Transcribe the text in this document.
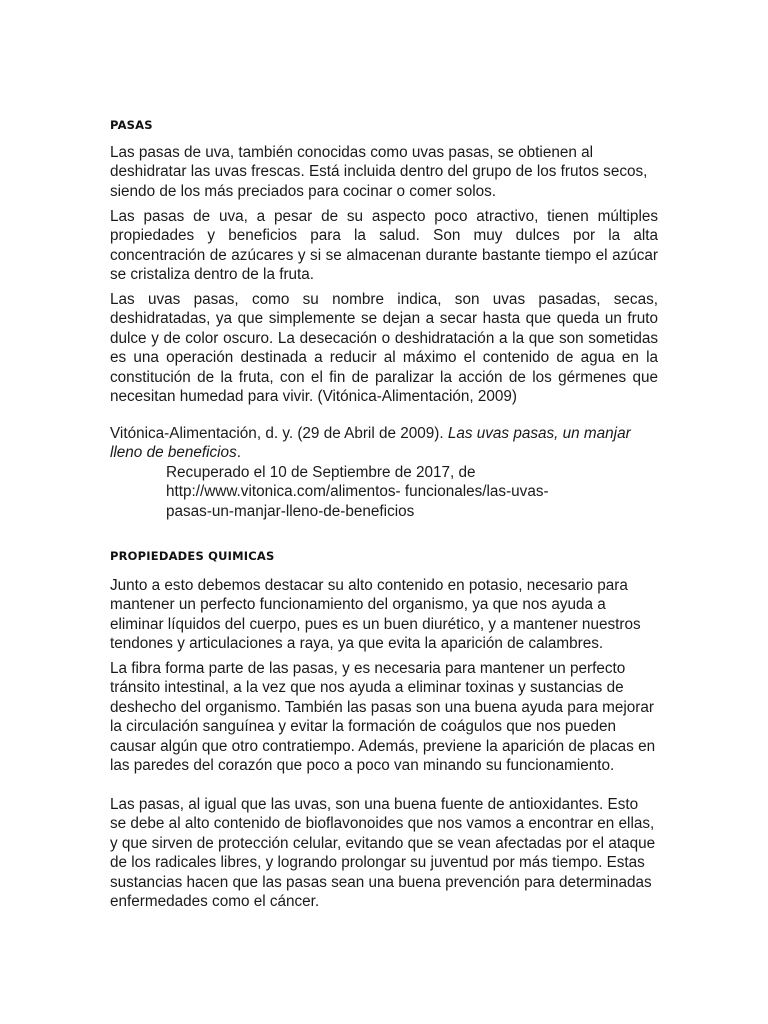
PASAS

Las pasas de uva, también conocidas como uvas pasas, se obtienen al deshidratar las uvas frescas. Está incluida dentro del grupo de los frutos secos, siendo de los más preciados para cocinar o comer solos.

Las pasas de uva, a pesar de su aspecto poco atractivo, tienen múltiples propiedades y beneficios para la salud. Son muy dulces por la alta concentración de azúcares y si se almacenan durante bastante tiempo el azúcar se cristaliza dentro de la fruta.

Las uvas pasas, como su nombre indica, son uvas pasadas, secas, deshidratadas, ya que simplemente se dejan a secar hasta que queda un fruto dulce y de color oscuro. La desecación o deshidratación a la que son sometidas es una operación destinada a reducir al máximo el contenido de agua en la constitución de la fruta, con el fin de paralizar la acción de los gérmenes que necesitan humedad para vivir. (Vitónica-Alimentación, 2009)

Vitónica-Alimentación, d. y. (29 de Abril de 2009). Las uvas pasas, un manjar lleno de beneficios.

Recuperado el 10 de Septiembre de 2017, de
http://www.vitonica.com/alimentos- funcionales/las-uvas-
pasas-un-manjar-lleno-de-beneficios
PROPIEDADES QUIMICAS

Junto a esto debemos destacar su alto contenido en potasio, necesario para mantener un perfecto funcionamiento del organismo, ya que nos ayuda a eliminar líquidos del cuerpo, pues es un buen diurético, y a mantener nuestros tendones y articulaciones a raya, ya que evita la aparición de calambres.

La fibra forma parte de las pasas, y es necesaria para mantener un perfecto tránsito intestinal, a la vez que nos ayuda a eliminar toxinas y sustancias de deshecho del organismo. También las pasas son una buena ayuda para mejorar la circulación sanguínea y evitar la formación de coágulos que nos pueden causar algún que otro contratiempo. Además, previene la aparición de placas en las paredes del corazón que poco a poco van minando su funcionamiento.

Las pasas, al igual que las uvas, son una buena fuente de antioxidantes. Esto se debe al alto contenido de bioflavonoides que nos vamos a encontrar en ellas, y que sirven de protección celular, evitando que se vean afectadas por el ataque de los radicales libres, y logrando prolongar su juventud por más tiempo. Estas sustancias hacen que las pasas sean una buena prevención para determinadas enfermedades como el cáncer.
